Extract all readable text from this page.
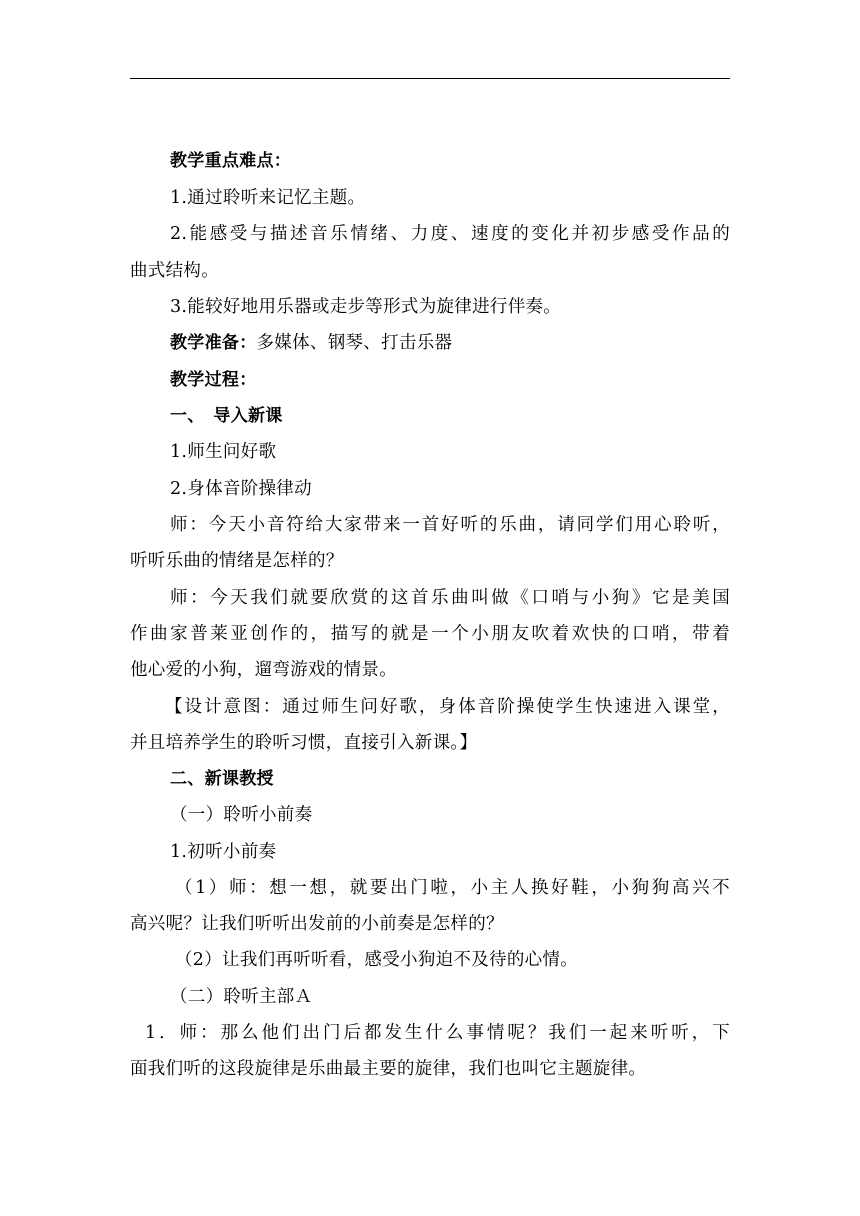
教学重点难点：
1.通过聆听来记忆主题。
2.能感受与描述音乐情绪、力度、速度的变化并初步感受作品的
曲式结构。
3.能较好地用乐器或走步等形式为旋律进行伴奏。
教学准备：多媒体、钢琴、打击乐器
教学过程：
一、　导入新课
1.师生问好歌
2.身体音阶操律动
师：今天小音符给大家带来一首好听的乐曲，请同学们用心聆听，
听听乐曲的情绪是怎样的？
师：今天我们就要欣赏的这首乐曲叫做《口哨与小狗》它是美国
作曲家普莱亚创作的，描写的就是一个小朋友吹着欢快的口哨，带着
他心爱的小狗，遛弯游戏的情景。
【设计意图：通过师生问好歌，身体音阶操使学生快速进入课堂，
并且培养学生的聆听习惯，直接引入新课。】
二、新课教授
（一）聆听小前奏
1.初听小前奏
（1）师：想一想，就要出门啦，小主人换好鞋，小狗狗高兴不
高兴呢？让我们听听出发前的小前奏是怎样的？
（2）让我们再听听看，感受小狗迫不及待的心情。
（二）聆听主部Ａ
1．师：那么他们出门后都发生什么事情呢？我们一起来听听，下
面我们听的这段旋律是乐曲最主要的旋律，我们也叫它主题旋律。
